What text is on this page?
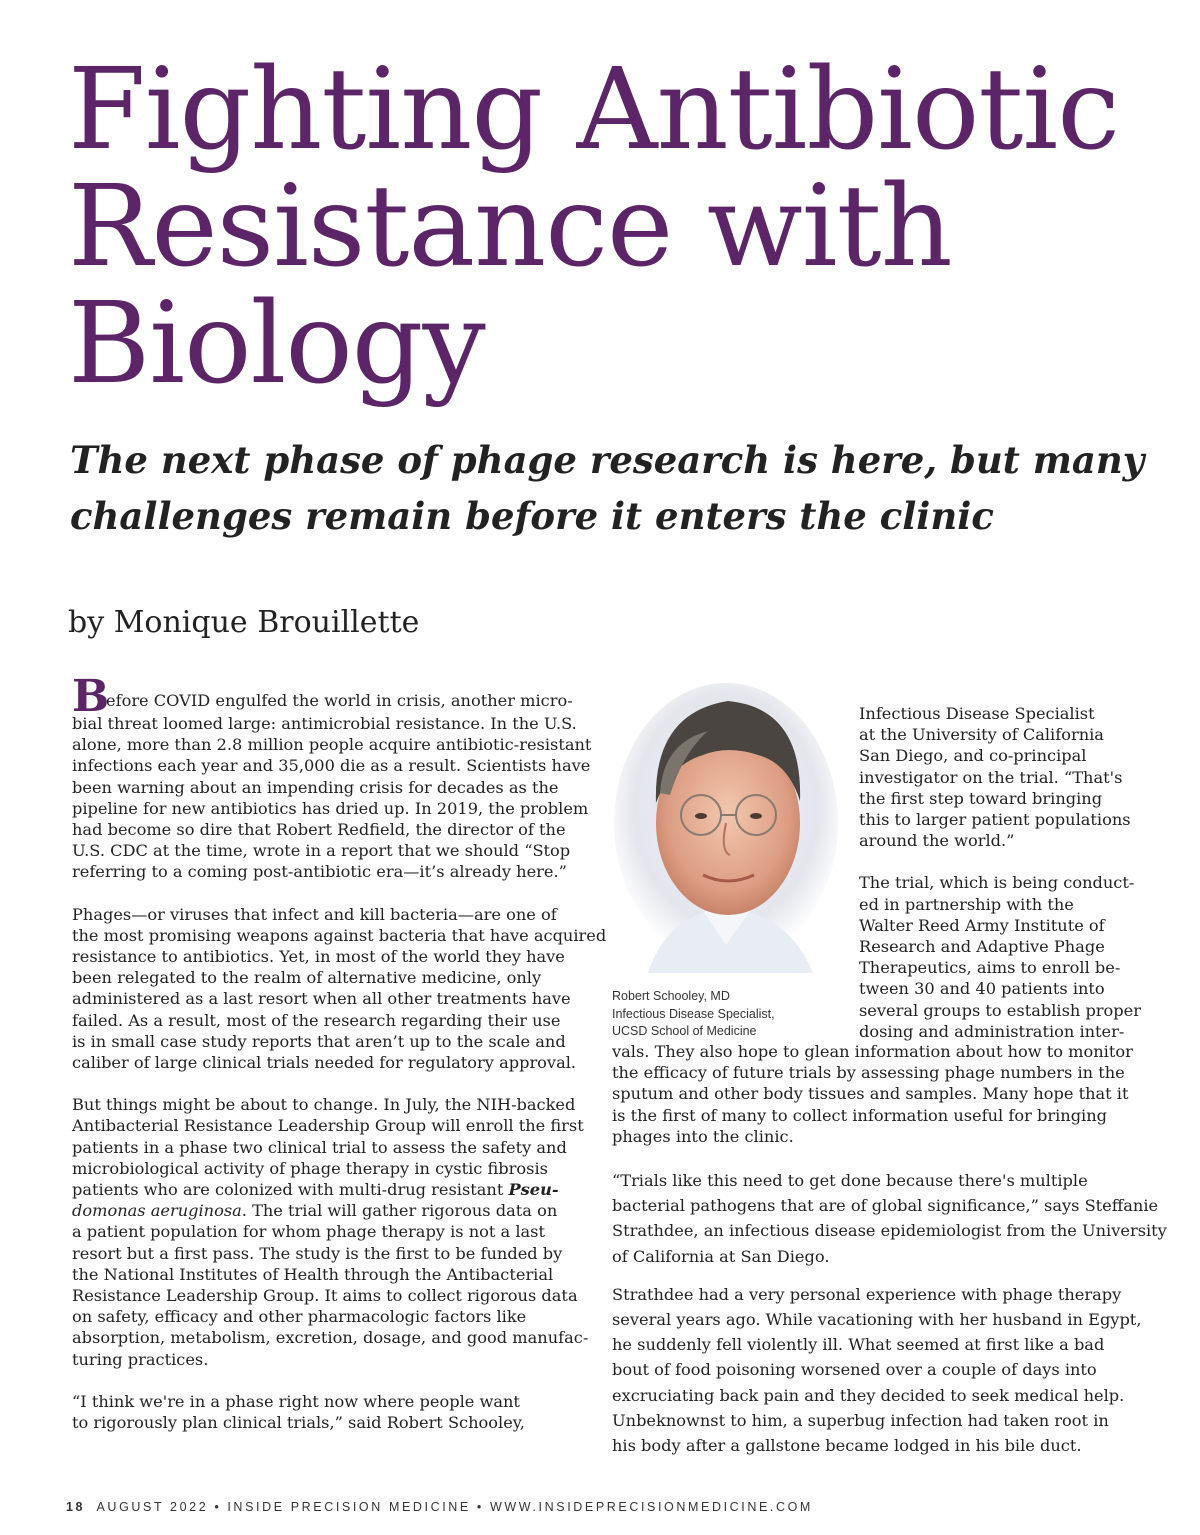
Fighting Antibiotic
Resistance with
Biology
The next phase of phage research is here, but many
challenges remain before it enters the clinic
by Monique Brouillette

B
efore COVID engulfed the world in crisis, another micro-
bial threat loomed large: antimicrobial resistance. In the U.S.
alone, more than 2.8 million people acquire antibiotic-resistant
infections each year and 35,000 die as a result. Scientists have
been warning about an impending crisis for decades as the
pipeline for new antibiotics has dried up. In 2019, the problem
had become so dire that Robert Redfield, the director of the
U.S. CDC at the time, wrote in a report that we should “Stop
referring to a coming post-antibiotic era—it’s already here.”

Phages—or viruses that infect and kill bacteria—are one of
the most promising weapons against bacteria that have acquired
resistance to antibiotics. Yet, in most of the world they have
been relegated to the realm of alternative medicine, only
administered as a last resort when all other treatments have
failed. As a result, most of the research regarding their use
is in small case study reports that aren’t up to the scale and
caliber of large clinical trials needed for regulatory approval.

But things might be about to change. In July, the NIH-backed
Antibacterial Resistance Leadership Group will enroll the first
patients in a phase two clinical trial to assess the safety and
microbiological activity of phage therapy in cystic fibrosis
patients who are colonized with multi-drug resistant Pseu-
domonas aeruginosa. The trial will gather rigorous data on
a patient population for whom phage therapy is not a last
resort but a first pass. The study is the first to be funded by
the National Institutes of Health through the Antibacterial
Resistance Leadership Group. It aims to collect rigorous data
on safety, efficacy and other pharmacologic factors like
absorption, metabolism, excretion, dosage, and good manufac-
turing practices.

“I think we're in a phase right now where people want
to rigorously plan clinical trials,” said Robert Schooley,

Robert Schooley, MD
Infectious Disease Specialist,
UCSD School of Medicine

Infectious Disease Specialist
at the University of California
San Diego, and co-principal
investigator on the trial. “That's
the first step toward bringing
this to larger patient populations
around the world.”

The trial, which is being conduct-
ed in partnership with the
Walter Reed Army Institute of
Research and Adaptive Phage
Therapeutics, aims to enroll be-
tween 30 and 40 patients into
several groups to establish proper
dosing and administration inter-

vals. They also hope to glean information about how to monitor
the efficacy of future trials by assessing phage numbers in the
sputum and other body tissues and samples. Many hope that it
is the first of many to collect information useful for bringing
phages into the clinic.

“Trials like this need to get done because there's multiple
bacterial pathogens that are of global significance,” says Steffanie
Strathdee, an infectious disease epidemiologist from the University
of California at San Diego.

Strathdee had a very personal experience with phage therapy
several years ago. While vacationing with her husband in Egypt,
he suddenly fell violently ill. What seemed at first like a bad
bout of food poisoning worsened over a couple of days into
excruciating back pain and they decided to seek medical help.
Unbeknownst to him, a superbug infection had taken root in
his body after a gallstone became lodged in his bile duct.

18 AUGUST 2022 • INSIDE PRECISION MEDICINE • WWW.INSIDEPRECISIONMEDICINE.COM
